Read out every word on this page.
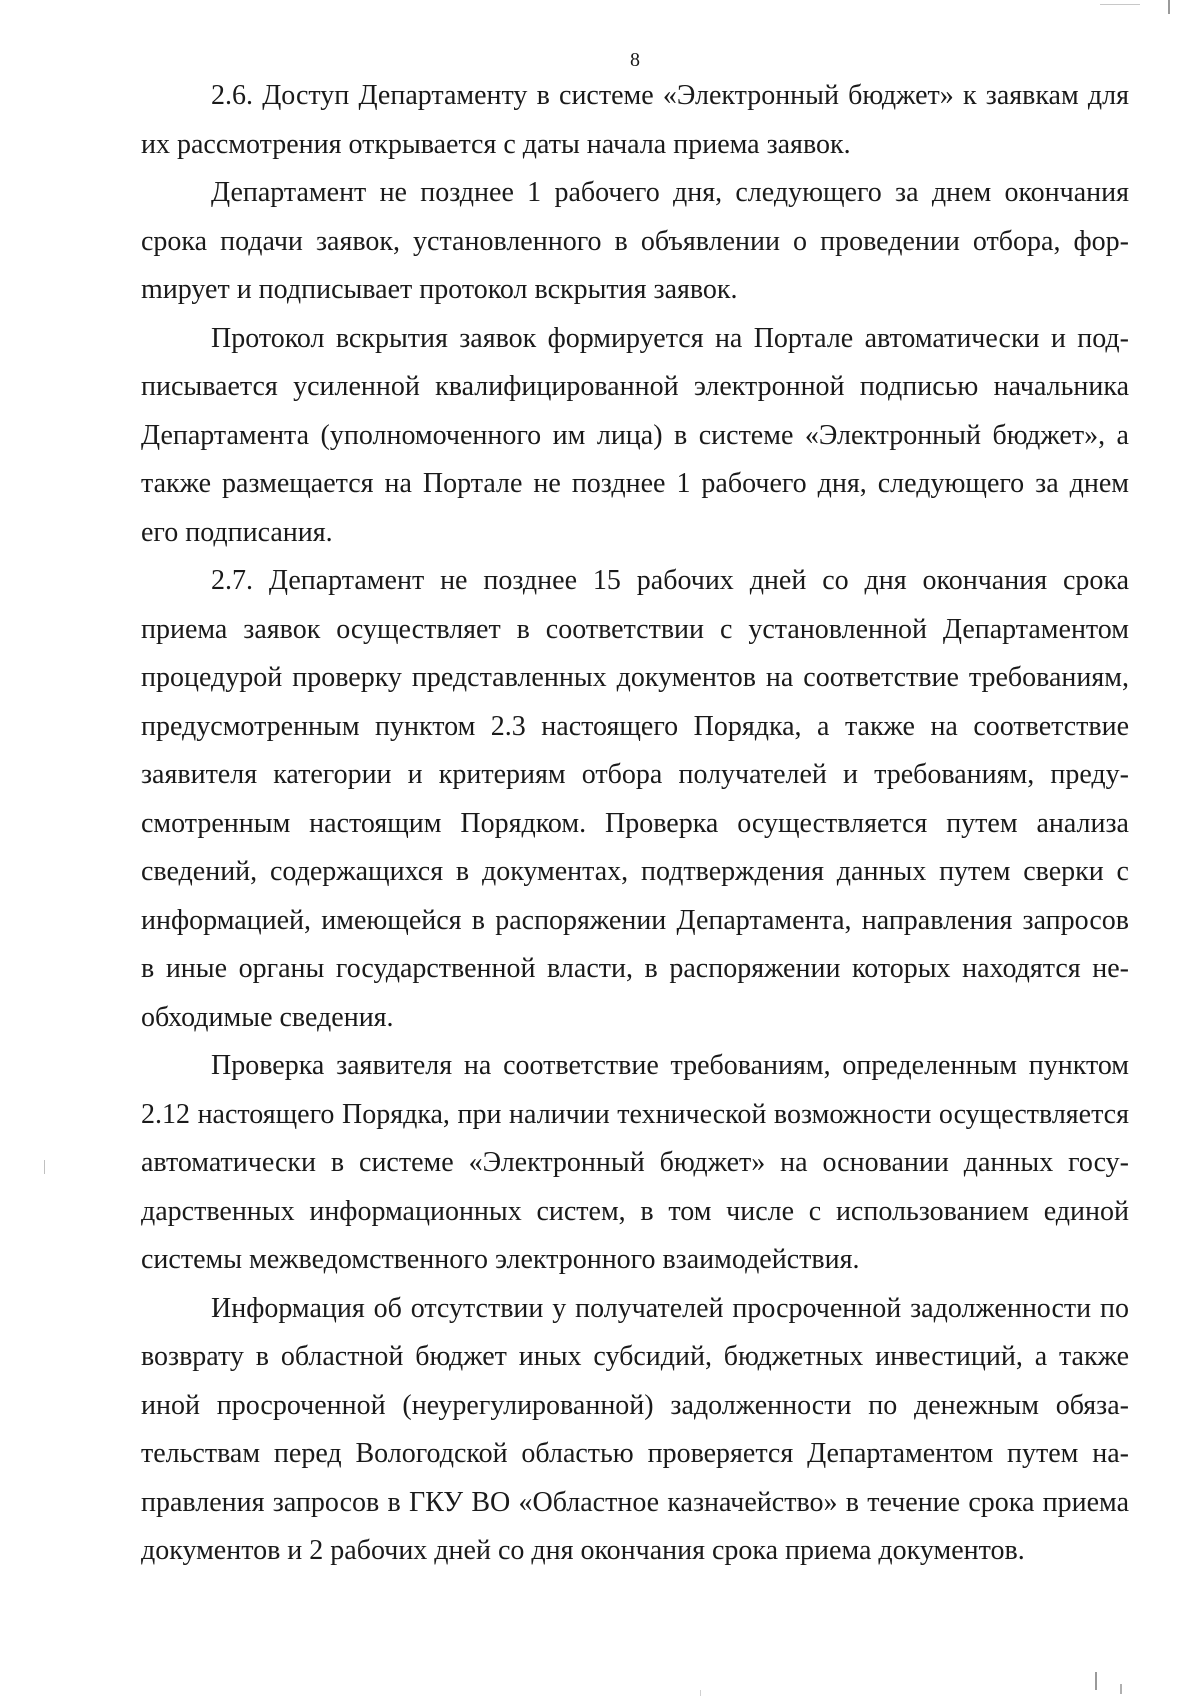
8

2.6. Доступ Департаменту в системе «Электронный бюджет» к заявкам для их рассмотрения открывается с даты начала приема заявок.

Департамент не позднее 1 рабочего дня, следующего за днем окончания срока подачи заявок, установленного в объявлении о проведении отбора, форmирует и подписывает протокол вскрытия заявок.

Протокол вскрытия заявок формируется на Портале автоматически и подписывается усиленной квалифицированной электронной подписью начальника Департамента (уполномоченного им лица) в системе «Электронный бюджет», а также размещается на Портале не позднее 1 рабочего дня, следующего за днем его подписания.

2.7. Департамент не позднее 15 рабочих дней со дня окончания срока приема заявок осуществляет в соответствии с установленной Департаментом процедурой проверку представленных документов на соответствие требованиям, предусмотренным пунктом 2.3 настоящего Порядка, а также на соответствие заявителя категории и критериям отбора получателей и требованиям, предусмотренным настоящим Порядком. Проверка осуществляется путем анализа сведений, содержащихся в документах, подтверждения данных путем сверки с информацией, имеющейся в распоряжении Департамента, направления запросов в иные органы государственной власти, в распоряжении которых находятся необходимые сведения.

Проверка заявителя на соответствие требованиям, определенным пунктом 2.12 настоящего Порядка, при наличии технической возможности осуществляется автоматически в системе «Электронный бюджет» на основании данных государственных информационных систем, в том числе с использованием единой системы межведомственного электронного взаимодействия.

Информация об отсутствии у получателей просроченной задолженности по возврату в областной бюджет иных субсидий, бюджетных инвестиций, а также иной просроченной (неурегулированной) задолженности по денежным обязательствам перед Вологодской областью проверяется Департаментом путем направления запросов в ГКУ ВО «Областное казначейство» в течение срока приема документов и 2 рабочих дней со дня окончания срока приема документов.
